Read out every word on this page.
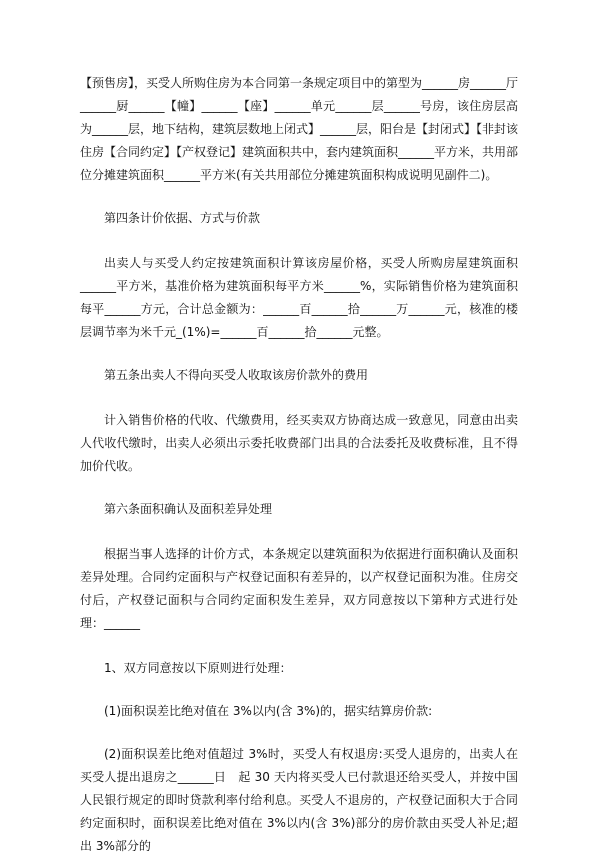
【预售房】，买受人所购住房为本合同第一条规定项目中的第型为______房______厅______厨______【幢】______【座】______单元______层______号房，该住房层高为______层，地下结构，建筑层数地上闭式】______层，阳台是【封闭式】【非封该住房【合同约定】【产权登记】建筑面积共中，套内建筑面积______平方米，共用部位分摊建筑面积______平方米(有关共用部位分摊建筑面积构成说明见副件二)。

第四条计价依据、方式与价款

出卖人与买受人约定按建筑面积计算该房屋价格，买受人所购房屋建筑面积______平方米，基准价格为建筑面积每平方米______%，实际销售价格为建筑面积每平______方元，合计总金额为：______百______拾______万______元，核准的楼层调节率为米千元_(1%)=______百______拾______元整。

第五条出卖人不得向买受人收取该房价款外的费用

计入销售价格的代收、代缴费用，经买卖双方协商达成一致意见，同意由出卖人代收代缴时，出卖人必须出示委托收费部门出具的合法委托及收费标准，且不得加价代收。

第六条面积确认及面积差异处理

根据当事人选择的计价方式，本条规定以建筑面积为依据进行面积确认及面积差异处理。合同约定面积与产权登记面积有差异的，以产权登记面积为准。住房交付后，产权登记面积与合同约定面积发生差异，双方同意按以下第种方式进行处理：______

1、双方同意按以下原则进行处理：

(1)面积误差比绝对值在 3%以内(含 3%)的，据实结算房价款:

(2)面积误差比绝对值超过 3%时，买受人有权退房:买受人退房的，出卖人在买受人提出退房之______日　起 30 天内将买受人已付款退还给买受人，并按中国人民银行规定的即时贷款利率付给利息。买受人不退房的，产权登记面积大于合同约定面积时，面积误差比绝对值在 3%以内(含 3%)部分的房价款由买受人补足;超出 3%部分的
